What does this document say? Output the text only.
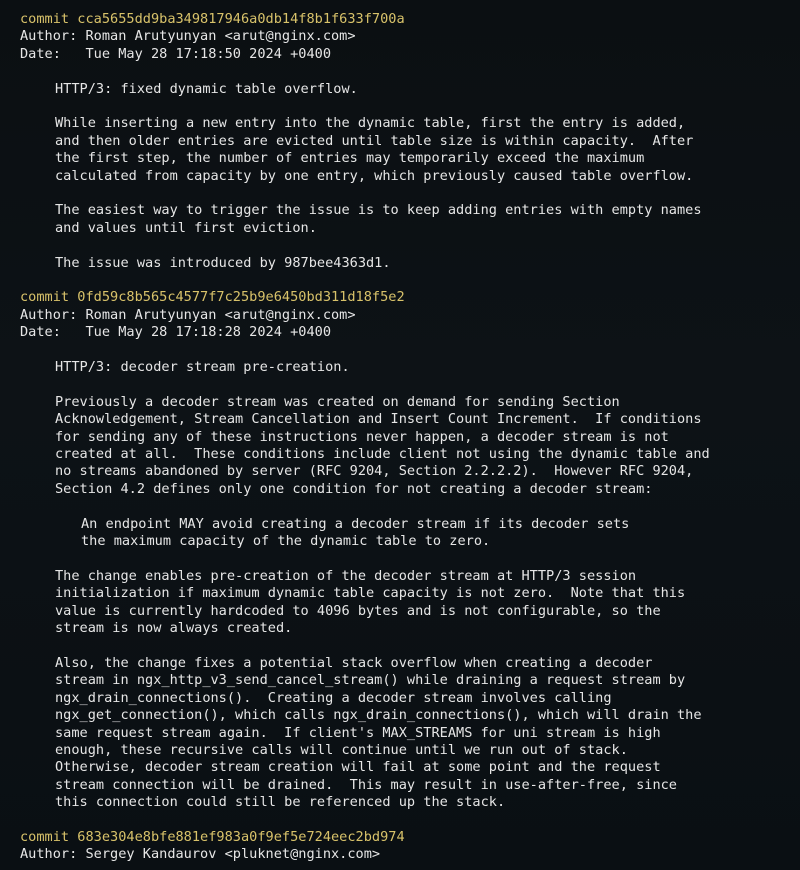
commit cca5655dd9ba349817946a0db14f8b1f633f700a
Author: Roman Arutyunyan <arut@nginx.com>
Date:   Tue May 28 17:18:50 2024 +0400
HTTP/3: fixed dynamic table overflow.
While inserting a new entry into the dynamic table, first the entry is added,
and then older entries are evicted until table size is within capacity.  After
the first step, the number of entries may temporarily exceed the maximum
calculated from capacity by one entry, which previously caused table overflow.
The easiest way to trigger the issue is to keep adding entries with empty names
and values until first eviction.
The issue was introduced by 987bee4363d1.
commit 0fd59c8b565c4577f7c25b9e6450bd311d18f5e2
Author: Roman Arutyunyan <arut@nginx.com>
Date:   Tue May 28 17:18:28 2024 +0400
HTTP/3: decoder stream pre-creation.
Previously a decoder stream was created on demand for sending Section
Acknowledgement, Stream Cancellation and Insert Count Increment.  If conditions
for sending any of these instructions never happen, a decoder stream is not
created at all.  These conditions include client not using the dynamic table and
no streams abandoned by server (RFC 9204, Section 2.2.2.2).  However RFC 9204,
Section 4.2 defines only one condition for not creating a decoder stream:
An endpoint MAY avoid creating a decoder stream if its decoder sets
the maximum capacity of the dynamic table to zero.
The change enables pre-creation of the decoder stream at HTTP/3 session
initialization if maximum dynamic table capacity is not zero.  Note that this
value is currently hardcoded to 4096 bytes and is not configurable, so the
stream is now always created.
Also, the change fixes a potential stack overflow when creating a decoder
stream in ngx_http_v3_send_cancel_stream() while draining a request stream by
ngx_drain_connections().  Creating a decoder stream involves calling
ngx_get_connection(), which calls ngx_drain_connections(), which will drain the
same request stream again.  If client's MAX_STREAMS for uni stream is high
enough, these recursive calls will continue until we run out of stack.
Otherwise, decoder stream creation will fail at some point and the request
stream connection will be drained.  This may result in use-after-free, since
this connection could still be referenced up the stack.
commit 683e304e8bfe881ef983a0f9ef5e724eec2bd974
Author: Sergey Kandaurov <pluknet@nginx.com>
